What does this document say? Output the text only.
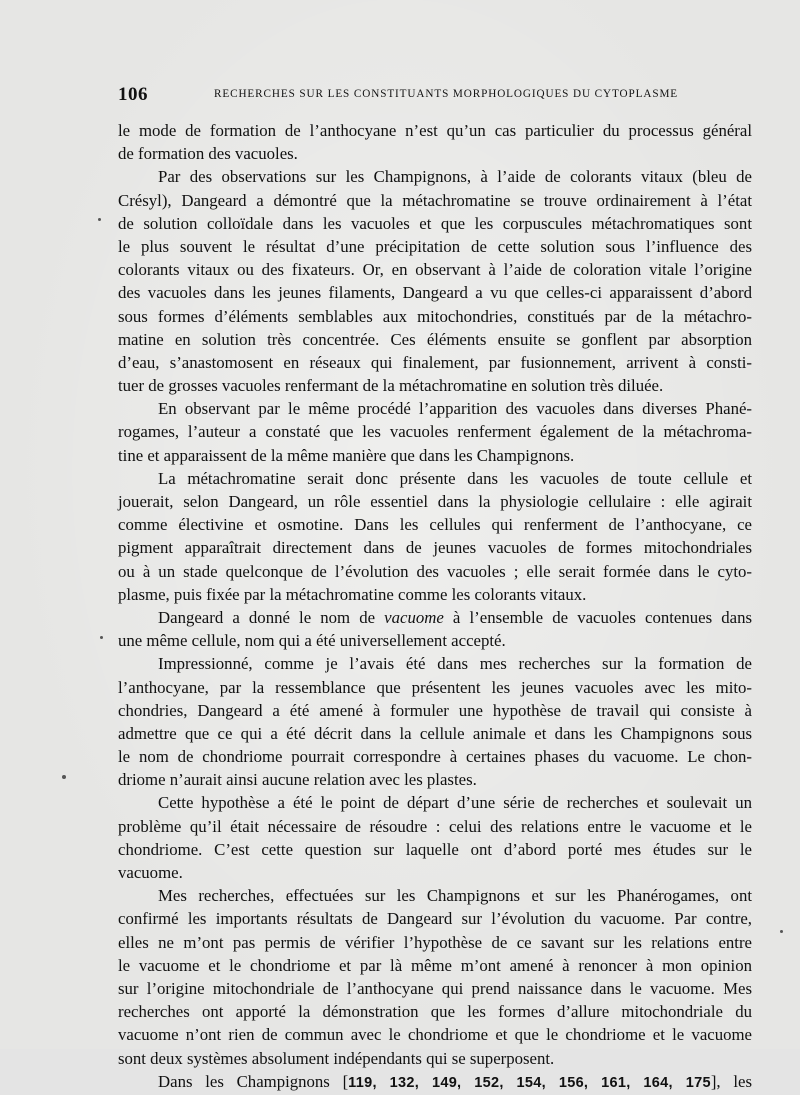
106	RECHERCHES SUR LES CONSTITUANTS MORPHOLOGIQUES DU CYTOPLASME
le mode de formation de l’anthocyane n’est qu’un cas particulier du processus général
de formation des vacuoles.
Par des observations sur les Champignons, à l’aide de colorants vitaux (bleu de
Crésyl), Dangeard a démontré que la métachromatine se trouve ordinairement à l’état
de solution colloïdale dans les vacuoles et que les corpuscules métachromatiques sont
le plus souvent le résultat d’une précipitation de cette solution sous l’influence des
colorants vitaux ou des fixateurs. Or, en observant à l’aide de coloration vitale l’origine
des vacuoles dans les jeunes filaments, Dangeard a vu que celles-ci apparaissent d’abord
sous formes d’éléments semblables aux mitochondries, constitués par de la métachro-
matine en solution très concentrée. Ces éléments ensuite se gonflent par absorption
d’eau, s’anastomosent en réseaux qui finalement, par fusionnement, arrivent à consti-
tuer de grosses vacuoles renfermant de la métachromatine en solution très diluée.
En observant par le même procédé l’apparition des vacuoles dans diverses Phané-
rogames, l’auteur a constaté que les vacuoles renferment également de la métachroma-
tine et apparaissent de la même manière que dans les Champignons.
La métachromatine serait donc présente dans les vacuoles de toute cellule et
jouerait, selon Dangeard, un rôle essentiel dans la physiologie cellulaire : elle agirait
comme électivine et osmotine. Dans les cellules qui renferment de l’anthocyane, ce
pigment apparaîtrait directement dans de jeunes vacuoles de formes mitochondriales
ou à un stade quelconque de l’évolution des vacuoles ; elle serait formée dans le cyto-
plasme, puis fixée par la métachromatine comme les colorants vitaux.
Dangeard a donné le nom de vacuome à l’ensemble de vacuoles contenues dans
une même cellule, nom qui a été universellement accepté.
Impressionné, comme je l’avais été dans mes recherches sur la formation de
l’anthocyane, par la ressemblance que présentent les jeunes vacuoles avec les mito-
chondries, Dangeard a été amené à formuler une hypothèse de travail qui consiste à
admettre que ce qui a été décrit dans la cellule animale et dans les Champignons sous
le nom de chondriome pourrait correspondre à certaines phases du vacuome. Le chon-
driome n’aurait ainsi aucune relation avec les plastes.
Cette hypothèse a été le point de départ d’une série de recherches et soulevait un
problème qu’il était nécessaire de résoudre : celui des relations entre le vacuome et le
chondriome. C’est cette question sur laquelle ont d’abord porté mes études sur le
vacuome.
Mes recherches, effectuées sur les Champignons et sur les Phanérogames, ont
confirmé les importants résultats de Dangeard sur l’évolution du vacuome. Par contre,
elles ne m’ont pas permis de vérifier l’hypothèse de ce savant sur les relations entre
le vacuome et le chondriome et par là même m’ont amené à renoncer à mon opinion
sur l’origine mitochondriale de l’anthocyane qui prend naissance dans le vacuome. Mes
recherches ont apporté la démonstration que les formes d’allure mitochondriale du
vacuome n’ont rien de commun avec le chondriome et que le chondriome et le vacuome
sont deux systèmes absolument indépendants qui se superposent.
Dans les Champignons [119, 132, 149, 152, 154, 156, 161, 164, 175], les
